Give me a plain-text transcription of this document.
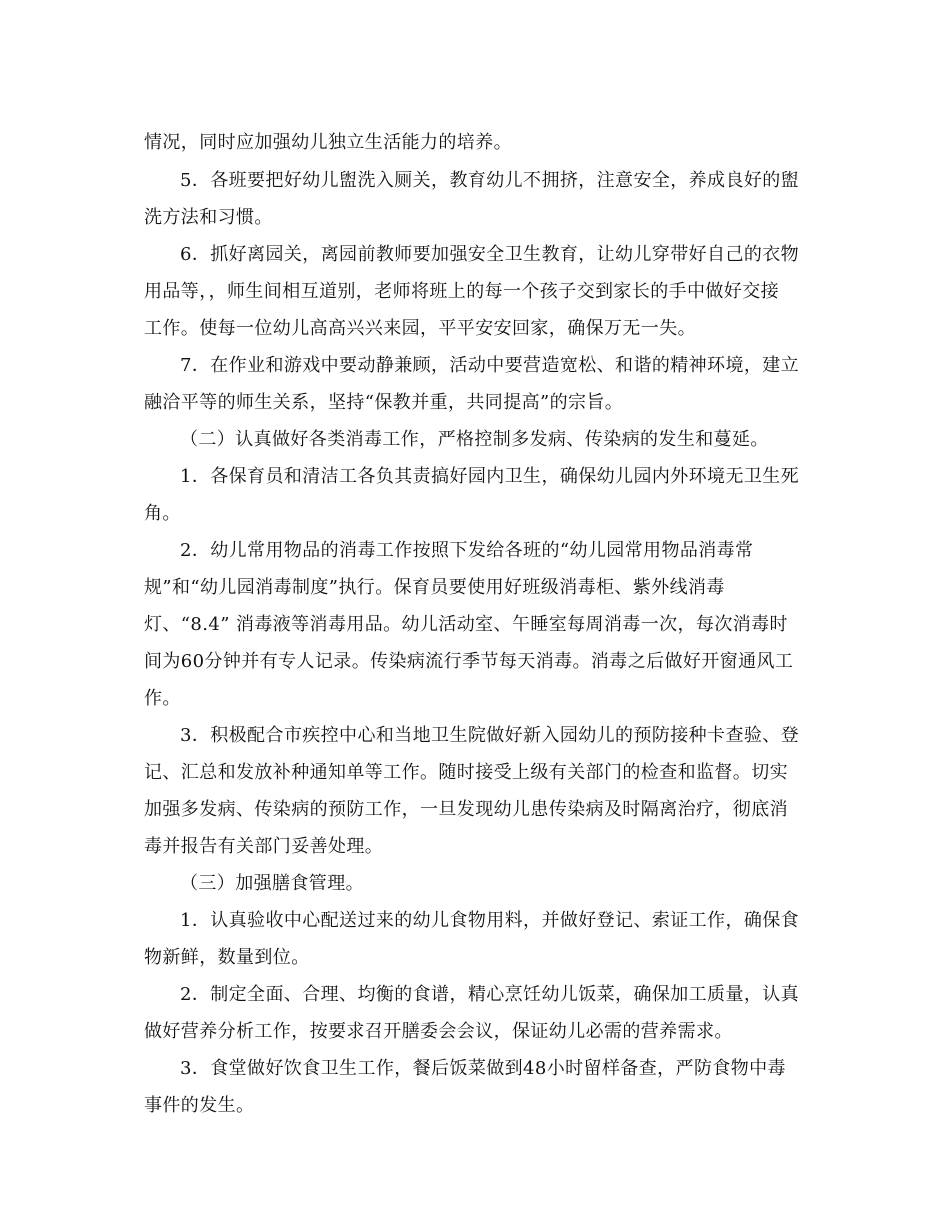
情况，同时应加强幼儿独立生活能力的培养。
5．各班要把好幼儿盥洗入厕关，教育幼儿不拥挤，注意安全，养成良好的盥
洗方法和习惯。
6．抓好离园关，离园前教师要加强安全卫生教育，让幼儿穿带好自己的衣物
用品等，，师生间相互道别，老师将班上的每一个孩子交到家长的手中做好交接
工作。使每一位幼儿高高兴兴来园，平平安安回家，确保万无一失。
7．在作业和游戏中要动静兼顾，活动中要营造宽松、和谐的精神环境，建立
融洽平等的师生关系，坚持“保教并重，共同提高”的宗旨。
（二）认真做好各类消毒工作，严格控制多发病、传染病的发生和蔓延。
1．各保育员和清洁工各负其责搞好园内卫生，确保幼儿园内外环境无卫生死
角。
2．幼儿常用物品的消毒工作按照下发给各班的“幼儿园常用物品消毒常
规”和“幼儿园消毒制度”执行。保育员要使用好班级消毒柜、紫外线消毒
灯、“8.4” 消毒液等消毒用品。幼儿活动室、午睡室每周消毒一次，每次消毒时
间为60分钟并有专人记录。传染病流行季节每天消毒。消毒之后做好开窗通风工
作。
3．积极配合市疾控中心和当地卫生院做好新入园幼儿的预防接种卡查验、登
记、汇总和发放补种通知单等工作。随时接受上级有关部门的检查和监督。切实
加强多发病、传染病的预防工作，一旦发现幼儿患传染病及时隔离治疗，彻底消
毒并报告有关部门妥善处理。
（三）加强膳食管理。
1．认真验收中心配送过来的幼儿食物用料，并做好登记、索证工作，确保食
物新鲜，数量到位。
2．制定全面、合理、均衡的食谱，精心烹饪幼儿饭菜，确保加工质量，认真
做好营养分析工作，按要求召开膳委会会议，保证幼儿必需的营养需求。
3．食堂做好饮食卫生工作，餐后饭菜做到48小时留样备查，严防食物中毒
事件的发生。
